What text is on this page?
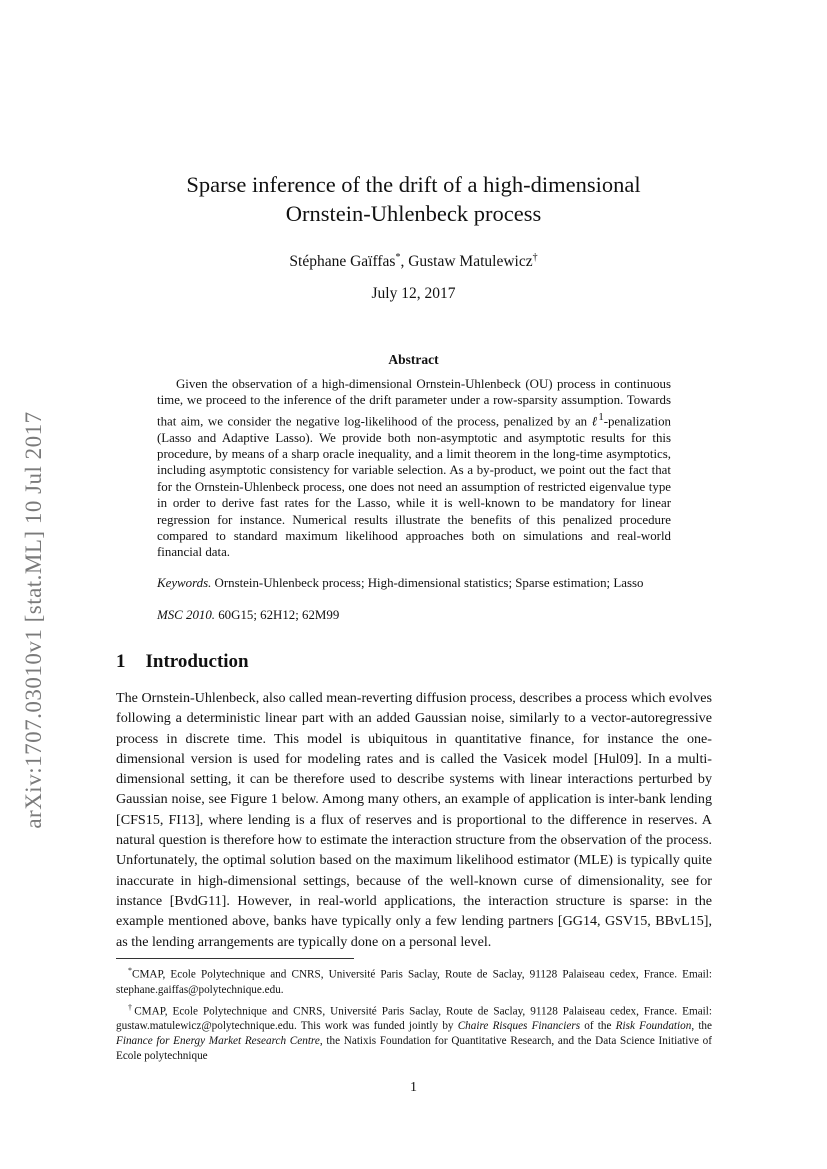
arXiv:1707.03010v1 [stat.ML] 10 Jul 2017
Sparse inference of the drift of a high-dimensional
Ornstein-Uhlenbeck process
Stéphane Gaïffas*, Gustaw Matulewicz†
July 12, 2017
Abstract
Given the observation of a high-dimensional Ornstein-Uhlenbeck (OU) process in continuous time, we proceed to the inference of the drift parameter under a row-sparsity assumption. Towards that aim, we consider the negative log-likelihood of the process, penalized by an ℓ$^1$-penalization (Lasso and Adaptive Lasso). We provide both non-asymptotic and asymptotic results for this procedure, by means of a sharp oracle inequality, and a limit theorem in the long-time asymptotics, including asymptotic consistency for variable selection. As a by-product, we point out the fact that for the Ornstein-Uhlenbeck process, one does not need an assumption of restricted eigenvalue type in order to derive fast rates for the Lasso, while it is well-known to be mandatory for linear regression for instance. Numerical results illustrate the benefits of this penalized procedure compared to standard maximum likelihood approaches both on simulations and real-world financial data.
Keywords. Ornstein-Uhlenbeck process; High-dimensional statistics; Sparse estimation; Lasso
MSC 2010. 60G15; 62H12; 62M99
1 Introduction
The Ornstein-Uhlenbeck, also called mean-reverting diffusion process, describes a process which evolves following a deterministic linear part with an added Gaussian noise, similarly to a vector-autoregressive process in discrete time. This model is ubiquitous in quantitative finance, for instance the one-dimensional version is used for modeling rates and is called the Vasicek model [Hul09]. In a multi-dimensional setting, it can be therefore used to describe systems with linear interactions perturbed by Gaussian noise, see Figure 1 below. Among many others, an example of application is inter-bank lending [CFS15, FI13], where lending is a flux of reserves and is proportional to the difference in reserves. A natural question is therefore how to estimate the interaction structure from the observation of the process. Unfortunately, the optimal solution based on the maximum likelihood estimator (MLE) is typically quite inaccurate in high-dimensional settings, because of the well-known curse of dimensionality, see for instance [BvdG11]. However, in real-world applications, the interaction structure is sparse: in the example mentioned above, banks have typically only a few lending partners [GG14, GSV15, BBvL15], as the lending arrangements are typically done on a personal level.

*CMAP, Ecole Polytechnique and CNRS, Université Paris Saclay, Route de Saclay, 91128 Palaiseau cedex, France. Email: stephane.gaiffas@polytechnique.edu.

†CMAP, Ecole Polytechnique and CNRS, Université Paris Saclay, Route de Saclay, 91128 Palaiseau cedex, France. Email: gustaw.matulewicz@polytechnique.edu. This work was funded jointly by Chaire Risques Financiers of the Risk Foundation, the Finance for Energy Market Research Centre, the Natixis Foundation for Quantitative Research, and the Data Science Initiative of Ecole polytechnique

1
